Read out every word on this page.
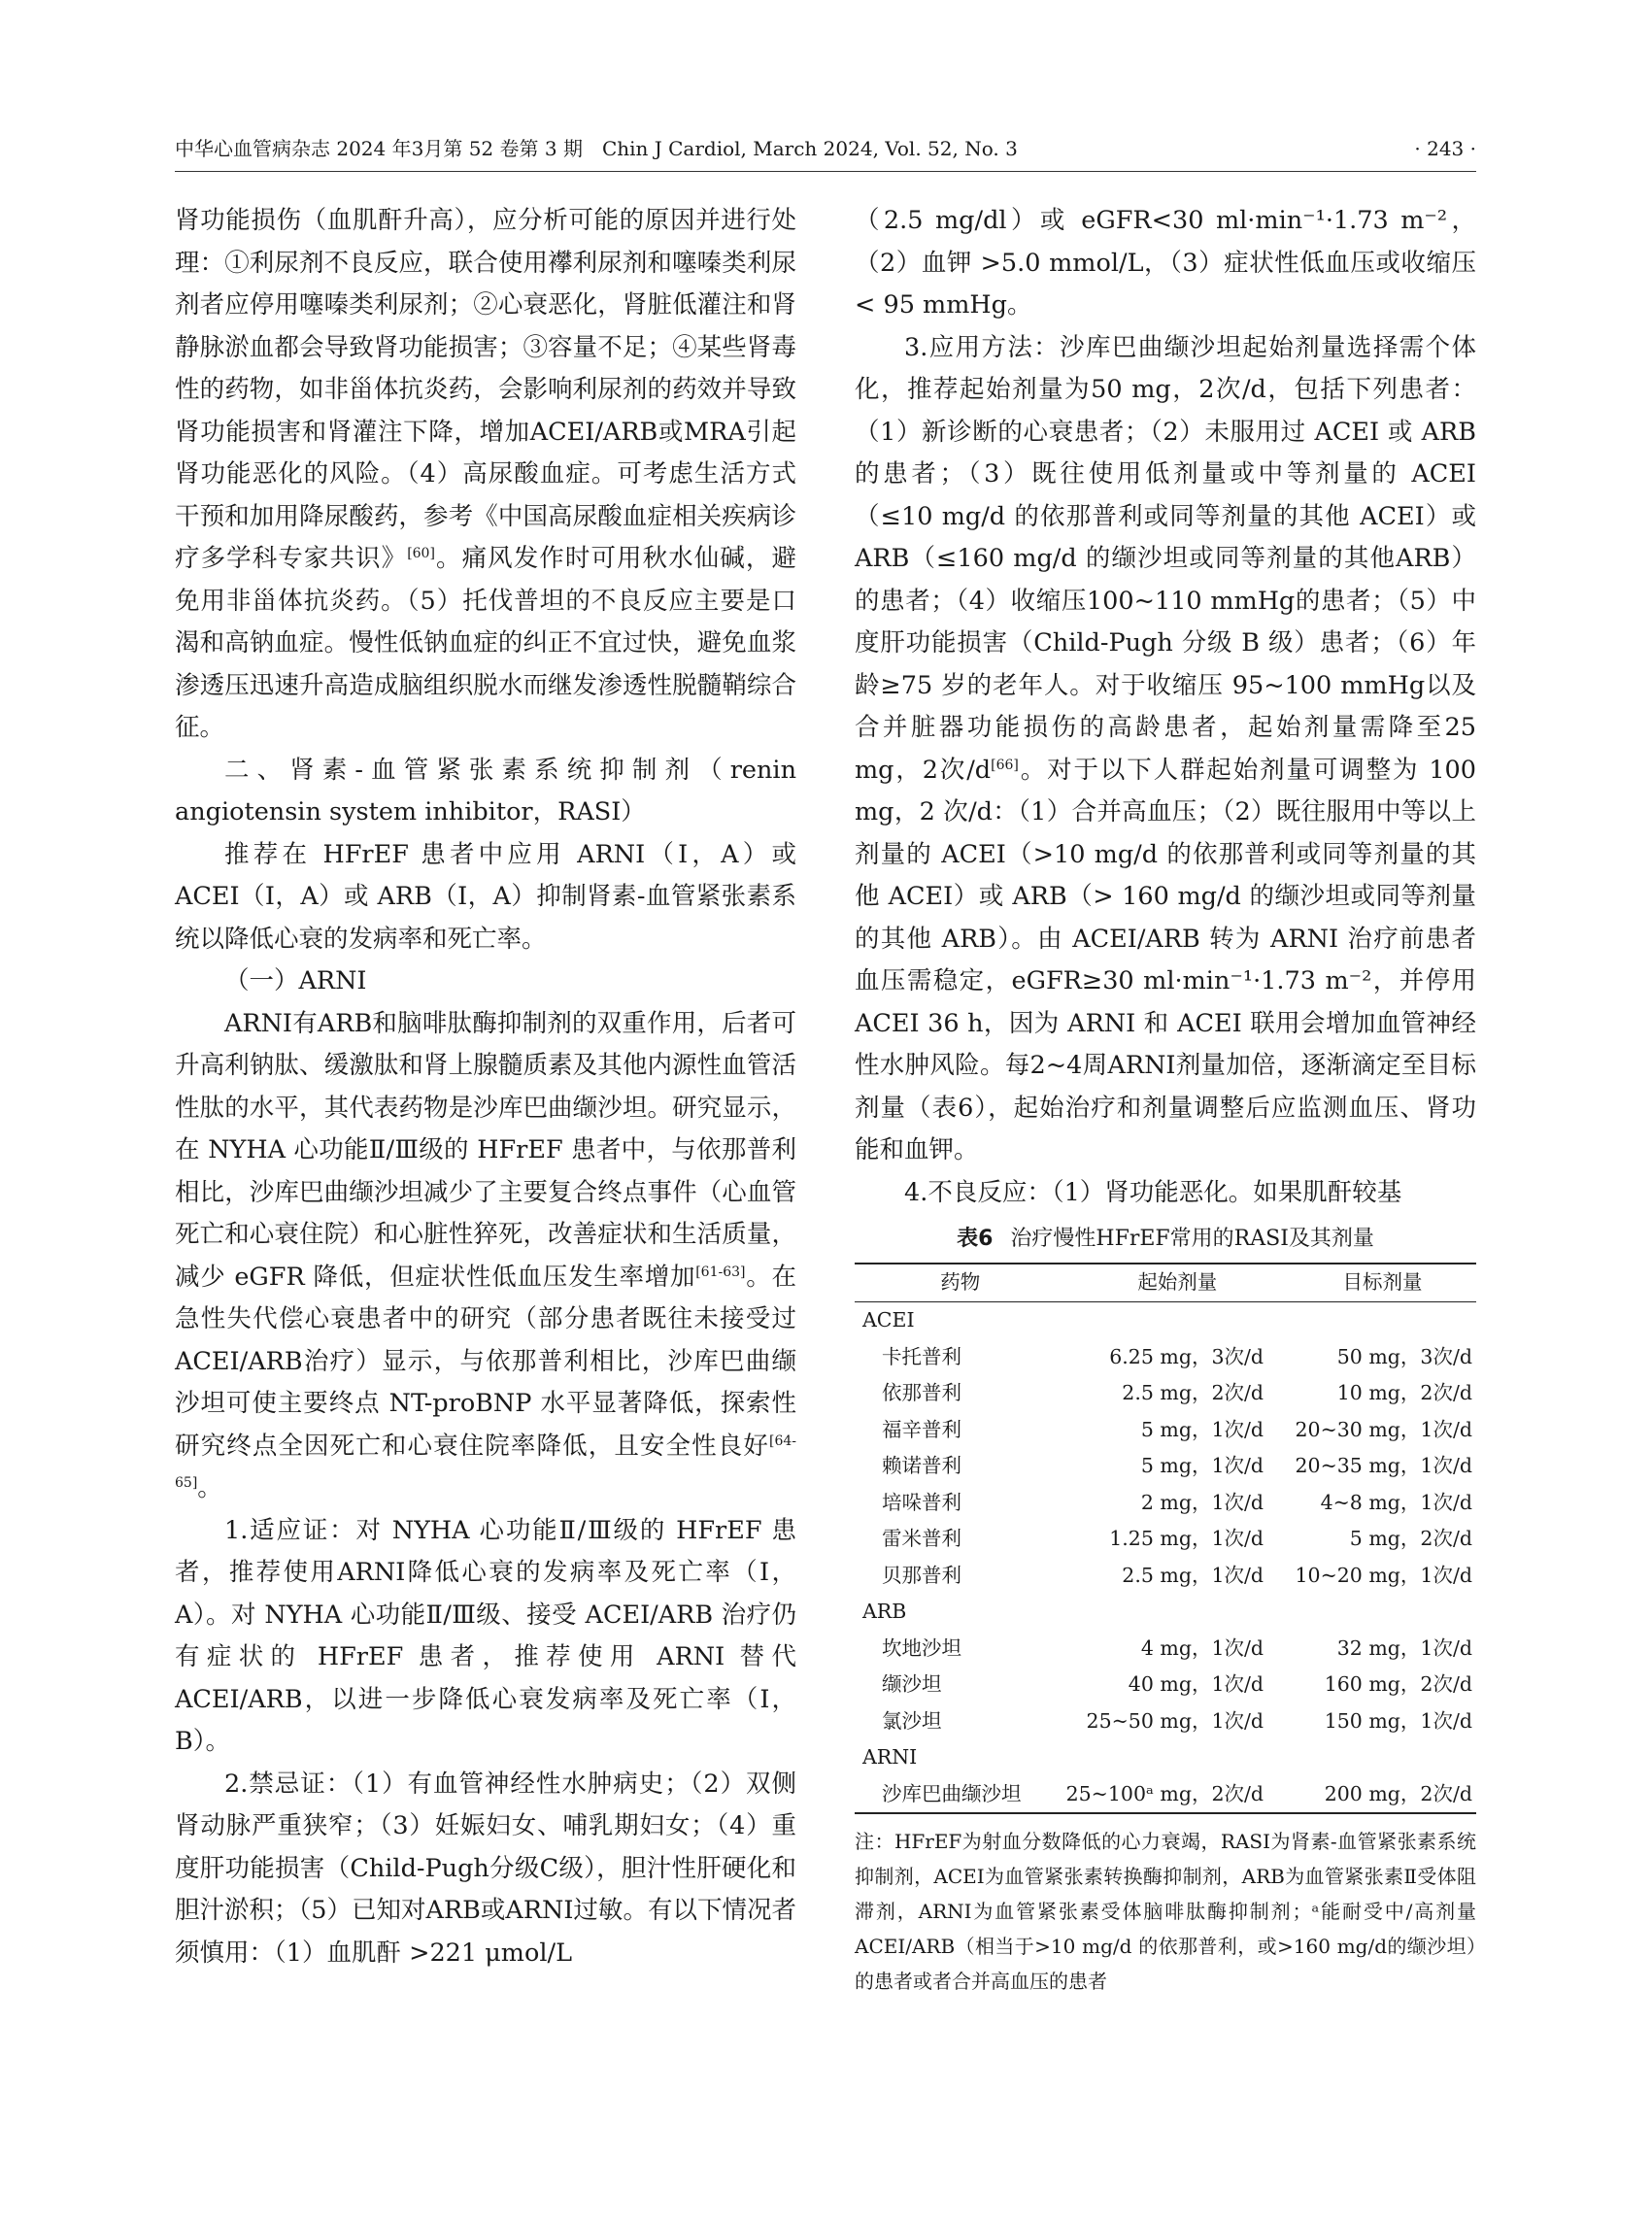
中华心血管病杂志 2024 年3月第 52 卷第 3 期　Chin J Cardiol, March 2024, Vol. 52, No. 3	· 243 ·

肾功能损伤（血肌酐升高），应分析可能的原因并进行处理：①利尿剂不良反应，联合使用襻利尿剂和噻嗪类利尿剂者应停用噻嗪类利尿剂；②心衰恶化，肾脏低灌注和肾静脉淤血都会导致肾功能损害；③容量不足；④某些肾毒性的药物，如非甾体抗炎药，会影响利尿剂的药效并导致肾功能损害和肾灌注下降，增加ACEI/ARB或MRA引起肾功能恶化的风险。（4）高尿酸血症。可考虑生活方式干预和加用降尿酸药，参考《中国高尿酸血症相关疾病诊疗多学科专家共识》[60]。痛风发作时可用秋水仙碱，避免用非甾体抗炎药。（5）托伐普坦的不良反应主要是口渴和高钠血症。慢性低钠血症的纠正不宜过快，避免血浆渗透压迅速升高造成脑组织脱水而继发渗透性脱髓鞘综合征。

二、肾素-血管紧张素系统抑制剂（renin angiotensin system inhibitor，RASI）

推荐在 HFrEF 患者中应用 ARNI（Ⅰ，A）或 ACEI（Ⅰ，A）或 ARB（Ⅰ，A）抑制肾素-血管紧张素系统以降低心衰的发病率和死亡率。

（一）ARNI

ARNI有ARB和脑啡肽酶抑制剂的双重作用，后者可升高利钠肽、缓激肽和肾上腺髓质素及其他内源性血管活性肽的水平，其代表药物是沙库巴曲缬沙坦。研究显示，在 NYHA 心功能Ⅱ/Ⅲ级的 HFrEF 患者中，与依那普利相比，沙库巴曲缬沙坦减少了主要复合终点事件（心血管死亡和心衰住院）和心脏性猝死，改善症状和生活质量，减少 eGFR 降低，但症状性低血压发生率增加[61-63]。在急性失代偿心衰患者中的研究（部分患者既往未接受过ACEI/ARB治疗）显示，与依那普利相比，沙库巴曲缬沙坦可使主要终点 NT-proBNP 水平显著降低，探索性研究终点全因死亡和心衰住院率降低，且安全性良好[64-65]。

1.适应证：对 NYHA 心功能Ⅱ/Ⅲ级的 HFrEF 患者，推荐使用ARNI降低心衰的发病率及死亡率（Ⅰ，A）。对 NYHA 心功能Ⅱ/Ⅲ级、接受 ACEI/ARB 治疗仍有症状的 HFrEF 患者，推荐使用 ARNI 替代 ACEI/ARB，以进一步降低心衰发病率及死亡率（Ⅰ，B）。

2.禁忌证：（1）有血管神经性水肿病史；（2）双侧肾动脉严重狭窄；（3）妊娠妇女、哺乳期妇女；（4）重度肝功能损害（Child-Pugh分级C级），胆汁性肝硬化和胆汁淤积；（5）已知对ARB或ARNI过敏。有以下情况者须慎用：（1）血肌酐 >221 μmol/L

（2.5 mg/dl）或 eGFR<30 ml·min⁻¹·1.73 m⁻²，（2）血钾 >5.0 mmol/L，（3）症状性低血压或收缩压 < 95 mmHg。

3.应用方法：沙库巴曲缬沙坦起始剂量选择需个体化，推荐起始剂量为50 mg，2次/d，包括下列患者：（1）新诊断的心衰患者；（2）未服用过 ACEI 或 ARB 的患者；（3）既往使用低剂量或中等剂量的 ACEI（≤10 mg/d 的依那普利或同等剂量的其他 ACEI）或 ARB（≤160 mg/d 的缬沙坦或同等剂量的其他ARB）的患者；（4）收缩压100~110 mmHg的患者；（5）中度肝功能损害（Child-Pugh 分级 B 级）患者；（6）年龄≥75 岁的老年人。对于收缩压 95~100 mmHg以及合并脏器功能损伤的高龄患者，起始剂量需降至25 mg，2次/d[66]。对于以下人群起始剂量可调整为 100 mg，2 次/d：（1）合并高血压；（2）既往服用中等以上剂量的 ACEI（>10 mg/d 的依那普利或同等剂量的其他 ACEI）或 ARB（> 160 mg/d 的缬沙坦或同等剂量的其他 ARB）。由 ACEI/ARB 转为 ARNI 治疗前患者血压需稳定，eGFR≥30 ml·min⁻¹·1.73 m⁻²，并停用 ACEI 36 h，因为 ARNI 和 ACEI 联用会增加血管神经性水肿风险。每2~4周ARNI剂量加倍，逐渐滴定至目标剂量（表6），起始治疗和剂量调整后应监测血压、肾功能和血钾。

4.不良反应：（1）肾功能恶化。如果肌酐较基

表6 治疗慢性HFrEF常用的RASI及其剂量
药物	起始剂量	目标剂量
ACEI		
卡托普利	6.25 mg，3次/d	50 mg，3次/d
依那普利	2.5 mg，2次/d	10 mg，2次/d
福辛普利	5 mg，1次/d	20~30 mg，1次/d
赖诺普利	5 mg，1次/d	20~35 mg，1次/d
培哚普利	2 mg，1次/d	4~8 mg，1次/d
雷米普利	1.25 mg，1次/d	5 mg，2次/d
贝那普利	2.5 mg，1次/d	10~20 mg，1次/d
ARB		
坎地沙坦	4 mg，1次/d	32 mg，1次/d
缬沙坦	40 mg，1次/d	160 mg，2次/d
氯沙坦	25~50 mg，1次/d	150 mg，1次/d
ARNI		
沙库巴曲缬沙坦	25~100ᵃ mg，2次/d	200 mg，2次/d
注：HFrEF为射血分数降低的心力衰竭，RASI为肾素-血管紧张素系统抑制剂，ACEI为血管紧张素转换酶抑制剂，ARB为血管紧张素Ⅱ受体阻滞剂，ARNI为血管紧张素受体脑啡肽酶抑制剂；ᵃ能耐受中/高剂量 ACEI/ARB（相当于>10 mg/d 的依那普利，或>160 mg/d的缬沙坦）的患者或者合并高血压的患者
